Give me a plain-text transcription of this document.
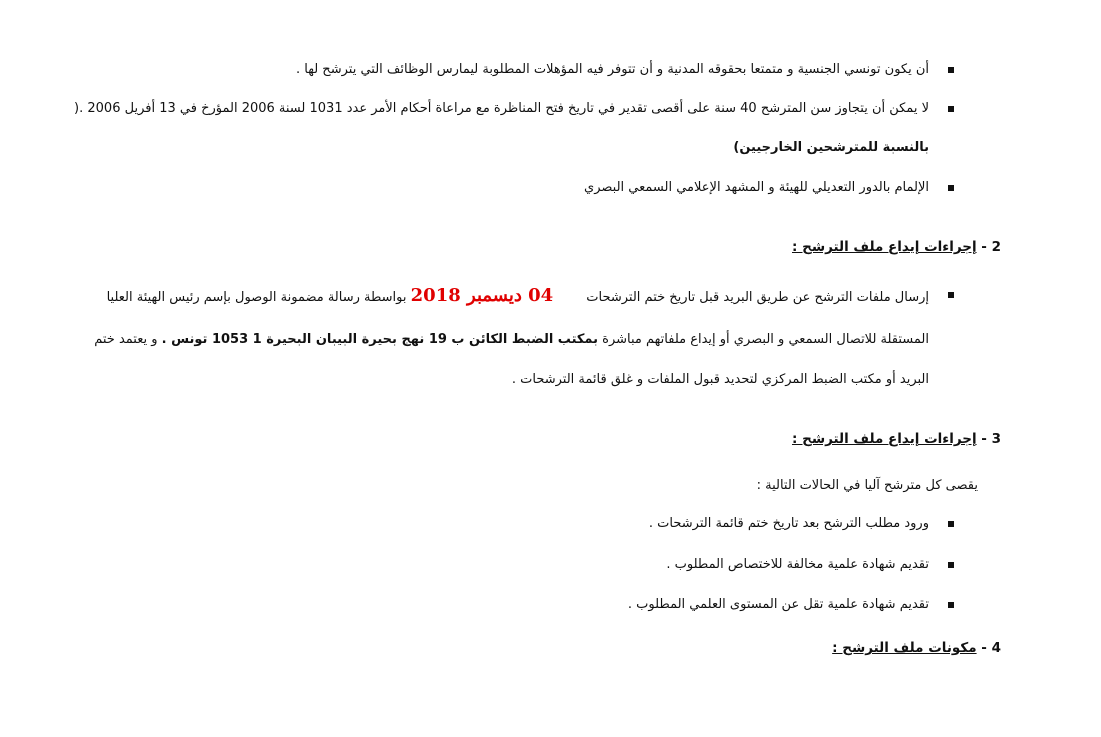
أن يكون تونسي الجنسية و متمتعا بحقوقه المدنية و أن تتوفر فيه المؤهلات المطلوبة ليمارس الوظائف التي يترشح لها .
لا يمكن أن يتجاوز سن المترشح 40 سنة على أقصى تقدير في تاريخ فتح المناظرة مع مراعاة أحكام الأمر عدد 1031 لسنة 2006 المؤرخ في 13 أفريل 2006 .(
بالنسبة للمترشحين الخارجيين)
الإلمام بالدور التعديلي للهيئة و المشهد الإعلامي السمعي البصري
2 - إجراءات إيداع ملف الترشح :
إرسال ملفات الترشح عن طريق البريد قبل تاريخ ختم الترشحات        04 ديسمبر 2018 بواسطة رسالة مضمونة الوصول بإسم رئيس الهيئة العليا
المستقلة للاتصال السمعي و البصري أو إيداع ملفاتهم مباشرة بمكتب الضبط الكائن ب 19 نهج بحيرة البيبان البحيرة 1 1053 تونس . و يعتمد ختم
البريد أو مكتب الضبط المركزي لتحديد قبول الملفات و غلق قائمة الترشحات .
3 - إجراءات إيداع ملف الترشح :
يقصى كل مترشح آليا في الحالات التالية :
ورود مطلب الترشح بعد تاريخ ختم قائمة الترشحات .
تقديم شهادة علمية مخالفة للاختصاص المطلوب .
تقديم شهادة علمية تقل عن المستوى العلمي المطلوب .
4 - مكونات ملف الترشح :
